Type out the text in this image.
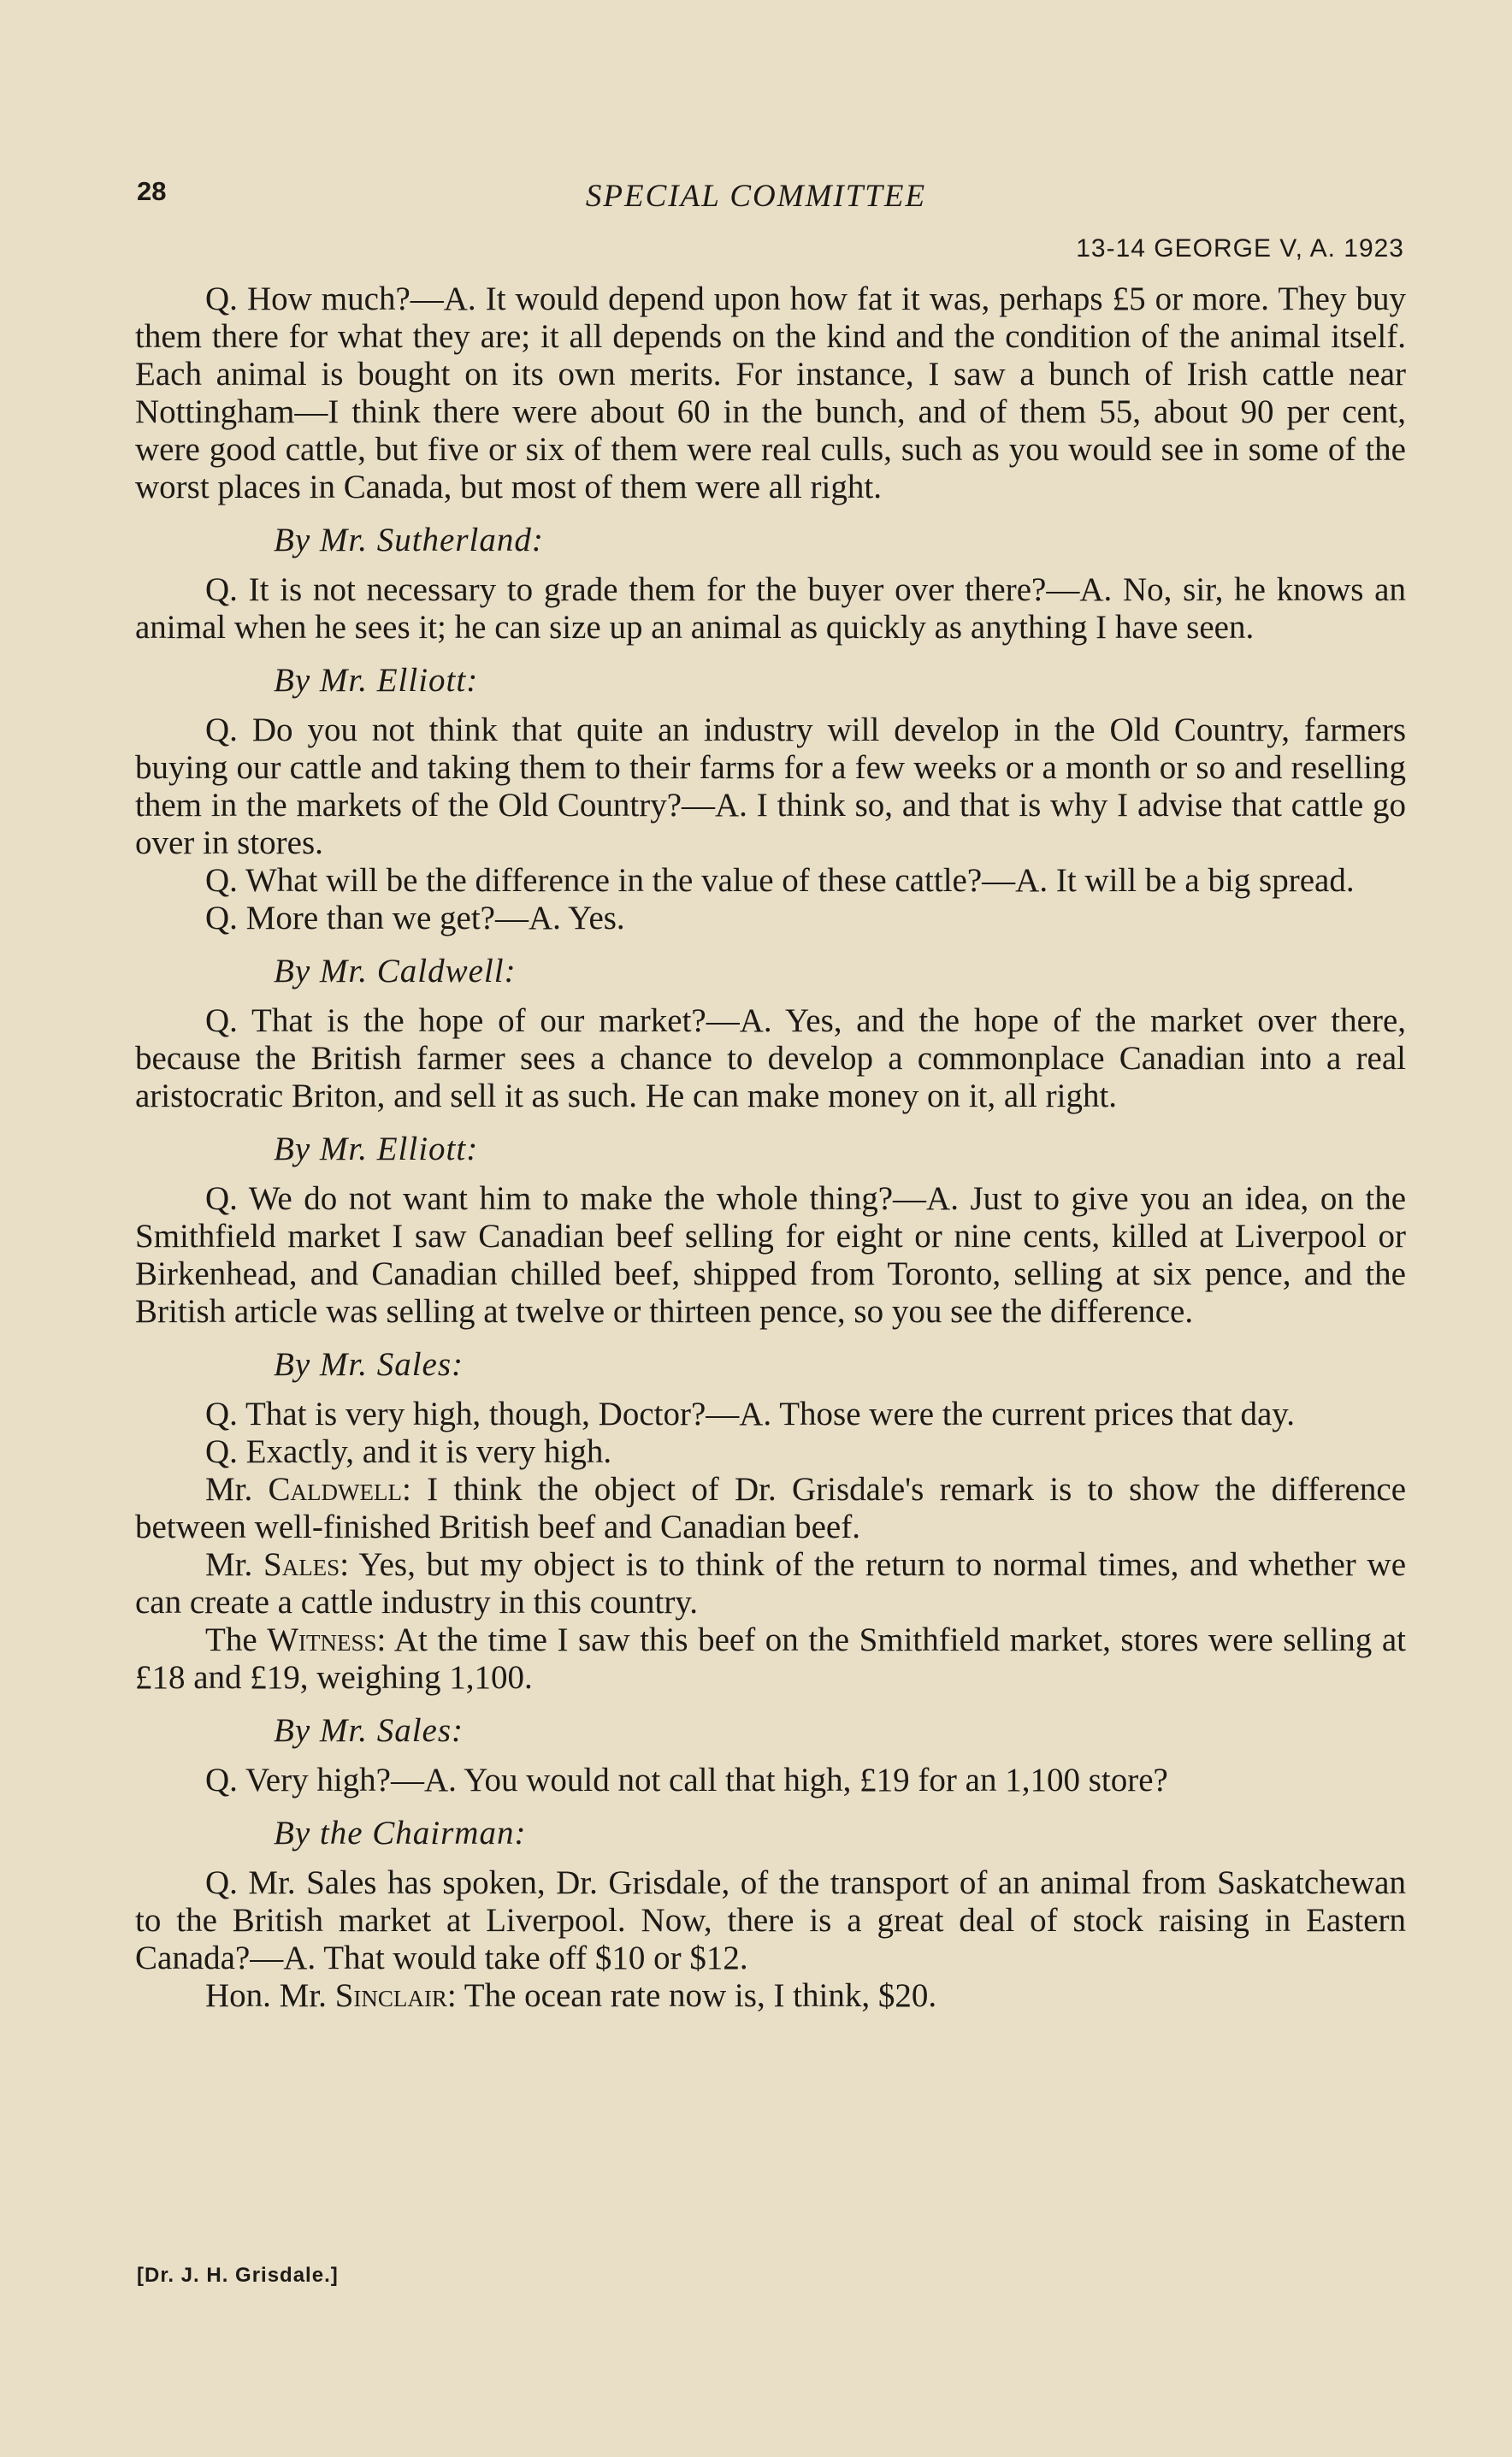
28	SPECIAL COMMITTEE
13-14 GEORGE V, A. 1923

Q. How much?—A. It would depend upon how fat it was, perhaps £5 or more. They buy them there for what they are; it all depends on the kind and the condition of the animal itself. Each animal is bought on its own merits. For instance, I saw a bunch of Irish cattle near Nottingham—I think there were about 60 in the bunch, and of them 55, about 90 per cent, were good cattle, but five or six of them were real culls, such as you would see in some of the worst places in Canada, but most of them were all right.

By Mr. Sutherland:

Q. It is not necessary to grade them for the buyer over there?—A. No, sir, he knows an animal when he sees it; he can size up an animal as quickly as anything I have seen.

By Mr. Elliott:

Q. Do you not think that quite an industry will develop in the Old Country, farmers buying our cattle and taking them to their farms for a few weeks or a month or so and reselling them in the markets of the Old Country?—A. I think so, and that is why I advise that cattle go over in stores.

Q. What will be the difference in the value of these cattle?—A. It will be a big spread.

Q. More than we get?—A. Yes.

By Mr. Caldwell:

Q. That is the hope of our market?—A. Yes, and the hope of the market over there, because the British farmer sees a chance to develop a commonplace Canadian into a real aristocratic Briton, and sell it as such. He can make money on it, all right.

By Mr. Elliott:

Q. We do not want him to make the whole thing?—A. Just to give you an idea, on the Smithfield market I saw Canadian beef selling for eight or nine cents, killed at Liverpool or Birkenhead, and Canadian chilled beef, shipped from Toronto, selling at six pence, and the British article was selling at twelve or thirteen pence, so you see the difference.

By Mr. Sales:

Q. That is very high, though, Doctor?—A. Those were the current prices that day.

Q. Exactly, and it is very high.

Mr. Caldwell: I think the object of Dr. Grisdale's remark is to show the difference between well-finished British beef and Canadian beef.

Mr. Sales: Yes, but my object is to think of the return to normal times, and whether we can create a cattle industry in this country.

The Witness: At the time I saw this beef on the Smithfield market, stores were selling at £18 and £19, weighing 1,100.

By Mr. Sales:

Q. Very high?—A. You would not call that high, £19 for an 1,100 store?

By the Chairman:

Q. Mr. Sales has spoken, Dr. Grisdale, of the transport of an animal from Saskatchewan to the British market at Liverpool. Now, there is a great deal of stock raising in Eastern Canada?—A. That would take off $10 or $12.

Hon. Mr. Sinclair: The ocean rate now is, I think, $20.

[Dr. J. H. Grisdale.]
